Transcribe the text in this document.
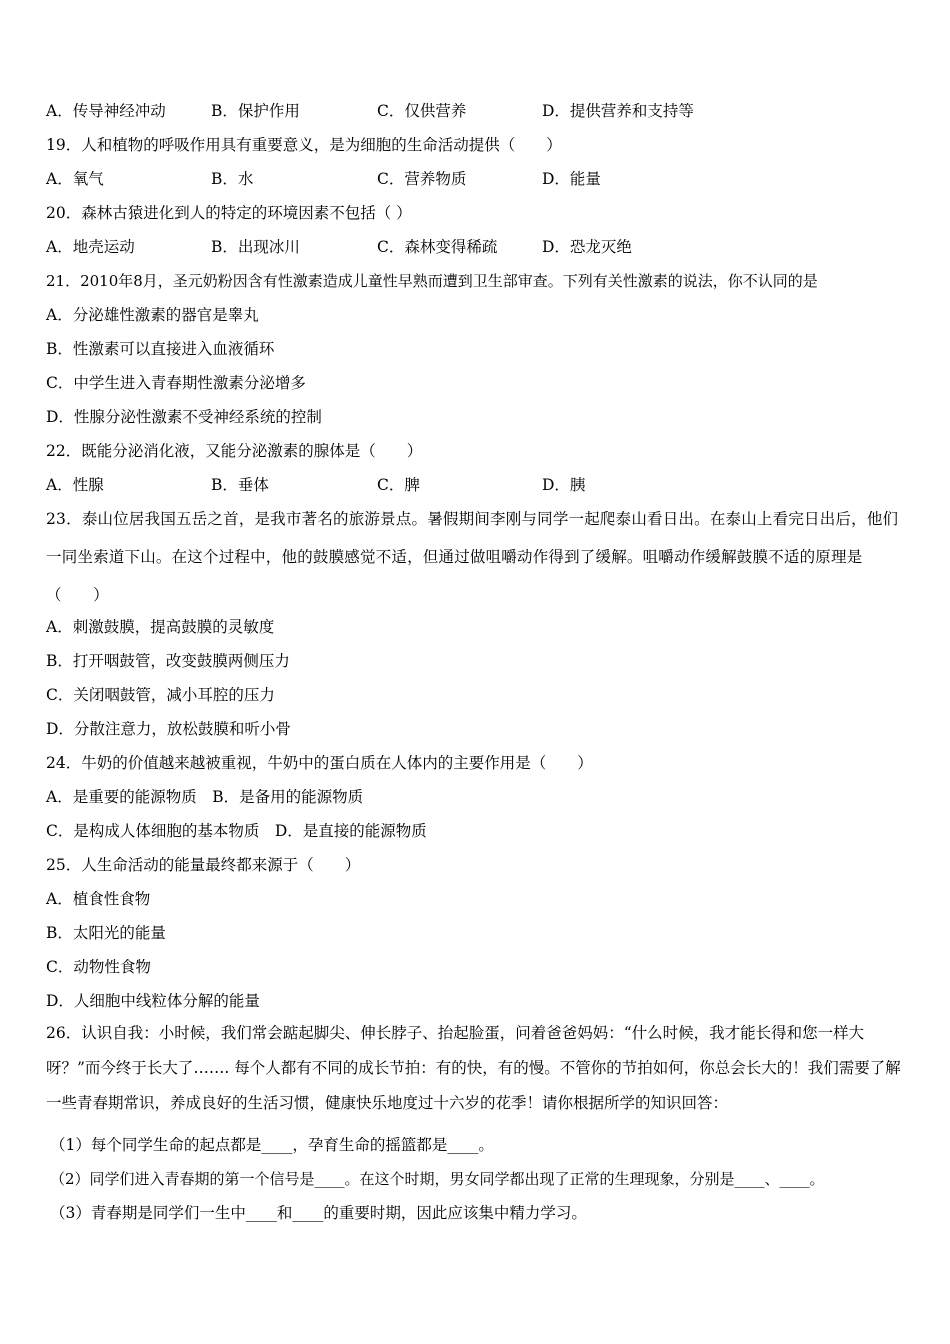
A．传导神经冲动	B．保护作用	C．仅供营养	D．提供营养和支持等
19．人和植物的呼吸作用具有重要意义，是为细胞的生命活动提供（　　）
A．氧气	B．水	C．营养物质	D．能量
20．森林古猿进化到人的特定的环境因素不包括（ ）
A．地壳运动	B．出现冰川	C．森林变得稀疏	D．恐龙灭绝
21．2010年8月，圣元奶粉因含有性激素造成儿童性早熟而遭到卫生部审查。下列有关性激素的说法，你不认同的是
A．分泌雄性激素的器官是睾丸
B．性激素可以直接进入血液循环
C．中学生进入青春期性激素分泌增多
D．性腺分泌性激素不受神经系统的控制
22．既能分泌消化液，又能分泌激素的腺体是（　　）
A．性腺	B．垂体	C．脾	D．胰
23．泰山位居我国五岳之首，是我市著名的旅游景点。暑假期间李刚与同学一起爬泰山看日出。在泰山上看完日出后，他们一同坐索道下山。在这个过程中，他的鼓膜感觉不适，但通过做咀嚼动作得到了缓解。咀嚼动作缓解鼓膜不适的原理是（　　）
A．刺激鼓膜，提高鼓膜的灵敏度
B．打开咽鼓管，改变鼓膜两侧压力
C．关闭咽鼓管，减小耳腔的压力
D．分散注意力，放松鼓膜和听小骨
24．牛奶的价值越来越被重视，牛奶中的蛋白质在人体内的主要作用是（　　）
A．是重要的能源物质　B．是备用的能源物质
C．是构成人体细胞的基本物质　D．是直接的能源物质
25．人生命活动的能量最终都来源于（　　）
A．植食性食物
B．太阳光的能量
C．动物性食物
D．人细胞中线粒体分解的能量
26．认识自我：小时候，我们常会踮起脚尖、伸长脖子、抬起脸蛋，问着爸爸妈妈：“什么时候，我才能长得和您一样大呀？”而今终于长大了……. 每个人都有不同的成长节拍：有的快，有的慢。不管你的节拍如何，你总会长大的！我们需要了解一些青春期常识，养成良好的生活习惯，健康快乐地度过十六岁的花季！请你根据所学的知识回答：
（1）每个同学生命的起点都是____，孕育生命的摇篮都是____。
（2）同学们进入青春期的第一个信号是____。在这个时期，男女同学都出现了正常的生理现象，分别是____、____。
（3）青春期是同学们一生中____和____的重要时期，因此应该集中精力学习。
